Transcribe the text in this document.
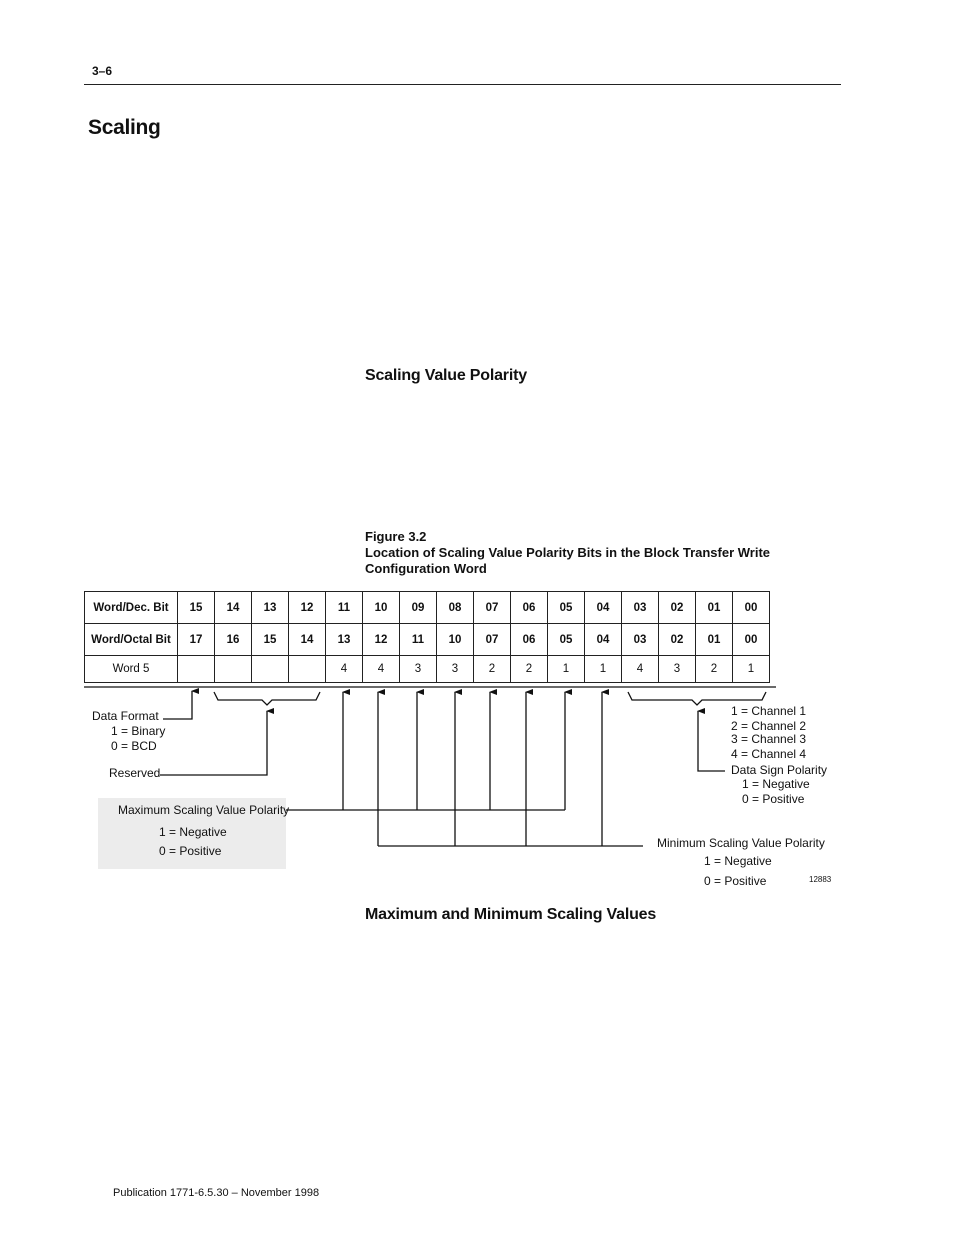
3–6
Scaling
Scaling Value Polarity
Figure 3.2
Location of Scaling Value Polarity Bits in the Block Transfer Write
Configuration Word
Word/Dec. Bit	15	14	13	12	11	10	09	08	07	06	05	04	03	02	01	00
Word/Octal Bit	17	16	15	14	13	12	11	10	07	06	05	04	03	02	01	00
Word 5					4	4	3	3	2	2	1	1	4	3	2	1
Data Format
1 = Binary
0 = BCD
Reserved
Maximum Scaling Value Polarity
1 = Negative
0 = Positive
Minimum Scaling Value Polarity
1 = Negative
0 = Positive
1 = Channel 1
2 = Channel 2
3 = Channel 3
4 = Channel 4
Data Sign Polarity
1 = Negative
0 = Positive
12883
Maximum and Minimum Scaling Values
Publication 1771-6.5.30 – November 1998
